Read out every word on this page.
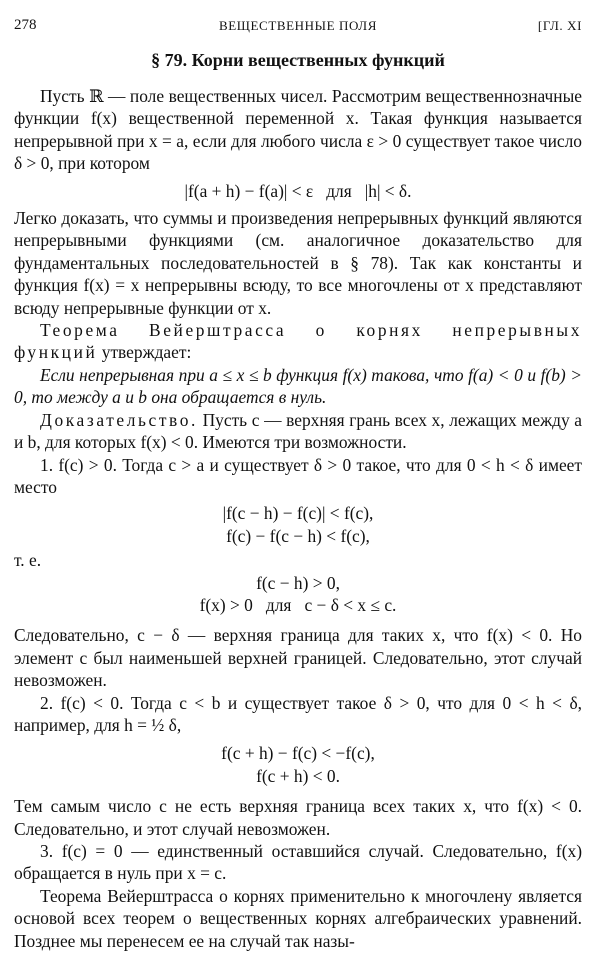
278	ВЕЩЕСТВЕННЫЕ ПОЛЯ	[ГЛ. XI
§ 79. Корни вещественных функций

Пусть ℝ — поле вещественных чисел. Рассмотрим вещественнозначные функции f(x) вещественной переменной x. Такая функция называется непрерывной при x = a, если для любого числа ε > 0 существует такое число δ > 0, при котором

|f(a + h) − f(a)| < ε   для   |h| < δ.

Легко доказать, что суммы и произведения непрерывных функций являются непрерывными функциями (см. аналогичное доказательство для фундаментальных последовательностей в § 78). Так как константы и функция f(x) = x непрерывны всюду, то все многочлены от x представляют всюду непрерывные функции от x.

Теорема Вейерштрасса о корнях непрерывных функций утверждает:

Если непрерывная при a ≤ x ≤ b функция f(x) такова, что f(a) < 0 и f(b) > 0, то между a и b она обращается в нуль.

Доказательство. Пусть c — верхняя грань всех x, лежащих между a и b, для которых f(x) < 0. Имеются три возможности.

1. f(c) > 0. Тогда c > a и существует δ > 0 такое, что для 0 < h < δ имеет место

|f(c − h) − f(c)| < f(c),

f(c) − f(c − h) < f(c),

т. е.

f(c − h) > 0,

f(x) > 0   для   c − δ < x ≤ c.

Следовательно, c − δ — верхняя граница для таких x, что f(x) < 0. Но элемент c был наименьшей верхней границей. Следовательно, этот случай невозможен.

2. f(c) < 0. Тогда c < b и существует такое δ > 0, что для 0 < h < δ, например, для h = ½ δ,

f(c + h) − f(c) < −f(c),

f(c + h) < 0.

Тем самым число c не есть верхняя граница всех таких x, что f(x) < 0. Следовательно, и этот случай невозможен.

3. f(c) = 0 — единственный оставшийся случай. Следовательно, f(x) обращается в нуль при x = c.

Теорема Вейерштрасса о корнях применительно к многочлену является основой всех теорем о вещественных корнях алгебраических уравнений. Позднее мы перенесем ее на случай так назы-
